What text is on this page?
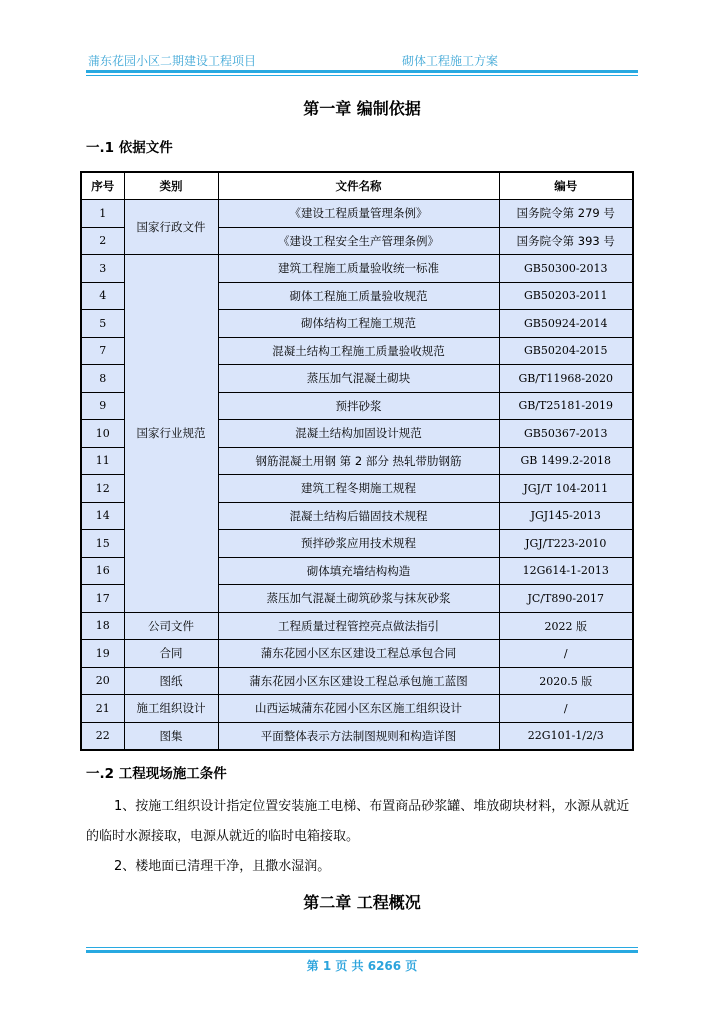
蒲东花园小区二期建设工程项目	砌体工程施工方案
第一章 编制依据
一.1 依据文件
序号	类别	文件名称	编号
1	国家行政文件	《建设工程质量管理条例》	国务院令第 279 号
2		《建设工程安全生产管理条例》	国务院令第 393 号
3	国家行业规范	建筑工程施工质量验收统一标准	GB50300-2013
4		砌体工程施工质量验收规范	GB50203-2011
5		砌体结构工程施工规范	GB50924-2014
7		混凝土结构工程施工质量验收规范	GB50204-2015
8		蒸压加气混凝土砌块	GB/T11968-2020
9		预拌砂浆	GB/T25181-2019
10		混凝土结构加固设计规范	GB50367-2013
11		钢筋混凝土用钢 第 2 部分 热轧带肋钢筋	GB 1499.2-2018
12		建筑工程冬期施工规程	JGJ/T 104-2011
14		混凝土结构后锚固技术规程	JGJ145-2013
15		预拌砂浆应用技术规程	JGJ/T223-2010
16		砌体填充墙结构构造	12G614-1-2013
17		蒸压加气混凝土砌筑砂浆与抹灰砂浆	JC/T890-2017
18	公司文件	工程质量过程管控亮点做法指引	2022 版
19	合同	蒲东花园小区东区建设工程总承包合同	/
20	图纸	蒲东花园小区东区建设工程总承包施工蓝图	2020.5 版
21	施工组织设计	山西运城蒲东花园小区东区施工组织设计	/
22	图集	平面整体表示方法制图规则和构造详图	22G101-1/2/3
一.2 工程现场施工条件

1、按施工组织设计指定位置安装施工电梯、布置商品砂浆罐、堆放砌块材料，水源从就近的临时水源接取，电源从就近的临时电箱接取。

2、楼地面已清理干净，且撒水湿润。

第二章 工程概况
第 1 页 共 6266 页
